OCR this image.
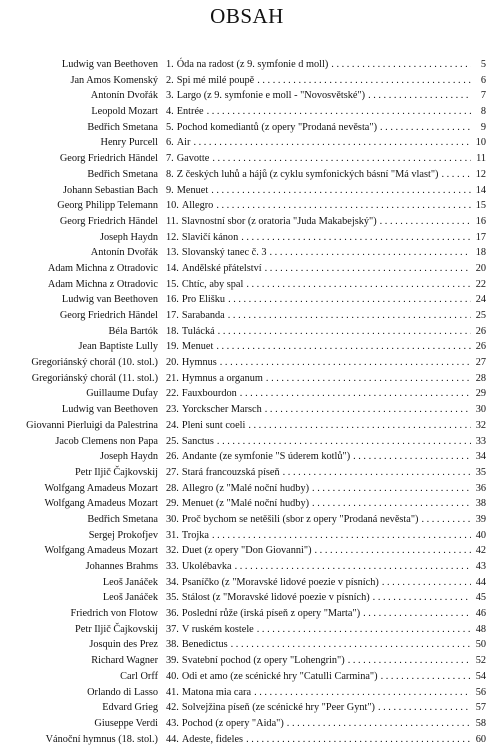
OBSAH
Ludwig van Beethoven 1. Óda na radost (z 9. symfonie d moll) . . .	5
Jan Amos Komenský 2. Spi mé milé poupě . . .	6
Antonín Dvořák 3. Largo (z 9. symfonie e moll - "Novosvětské") . . .	7
Leopold Mozart 4. Entrée . . .	8
Bedřich Smetana 5. Pochod komediantů (z opery "Prodaná nevěsta") . . .	9
Henry Purcell 6. Air . . .	10
Georg Friedrich Händel 7. Gavotte . . .	11
Bedřich Smetana 8. Z českých luhů a hájů (z cyklu symfonických básní "Má vlast") . . .	12
Johann Sebastian Bach 9. Menuet . . .	14
Georg Philipp Telemann 10. Allegro . . .	15
Georg Friedrich Händel 11. Slavnostní sbor (z oratoria "Juda Makabejský") . . .	16
Joseph Haydn 12. Slavičí kánon . . .	17
Antonín Dvořák 13. Slovanský tanec č. 3 . . .	18
Adam Michna z Otradovic 14. Andělské přátelství . . .	20
Adam Michna z Otradovic 15. Chtíc, aby spal . . .	22
Ludwig van Beethoven 16. Pro Elišku . . .	24
Georg Friedrich Händel 17. Sarabanda . . .	25
Béla Bartók 18. Tulácká . . .	26
Jean Baptiste Lully 19. Menuet . . .	26
Gregoriánský chorál (10. stol.) 20. Hymnus . . .	27
Gregoriánský chorál (11. stol.) 21. Hymnus a organum . . .	28
Guillaume Dufay 22. Fauxbourdon . . .	29
Ludwig van Beethoven 23. Yorckscher Marsch . . .	30
Giovanni Pierluigi da Palestrina 24. Pleni sunt coeli . . .	32
Jacob Clemens non Papa 25. Sanctus . . .	33
Joseph Haydn 26. Andante (ze symfonie "S úderem kotlů") . . .	34
Petr Iljič Čajkovskij 27. Stará francouzská píseň . . .	35
Wolfgang Amadeus Mozart 28. Allegro (z "Malé noční hudby) . . .	36
Wolfgang Amadeus Mozart 29. Menuet (z "Malé noční hudby) . . .	38
Bedřich Smetana 30. Proč bychom se netěšili (sbor z opery "Prodaná nevěsta") . . .	39
Sergej Prokofjev 31. Trojka . . .	40
Wolfgang Amadeus Mozart 32. Duet (z opery "Don Giovanni") . . .	42
Johannes Brahms 33. Ukolébavka . . .	43
Leoš Janáček 34. Psaníčko (z "Moravské lidové poezie v písních) . . .	44
Leoš Janáček 35. Stálost (z "Moravské lidové poezie v písních) . . .	45
Friedrich von Flotow 36. Poslední růže (irská píseň z opery "Marta") . . .	46
Petr Iljič Čajkovskij 37. V ruském kostele . . .	48
Josquin des Prez 38. Benedictus . . .	50
Richard Wagner 39. Svatební pochod (z opery "Lohengrin") . . .	52
Carl Orff 40. Odi et amo (ze scénické hry "Catulli Carmina") . . .	54
Orlando di Lasso 41. Matona mia cara . . .	56
Edvard Grieg 42. Solvejžina píseň (ze scénické hry "Peer Gynt") . . .	57
Giuseppe Verdi 43. Pochod (z opery "Aida") . . .	58
Vánoční hymnus (18. stol.) 44. Adeste, fideles . . .	60
